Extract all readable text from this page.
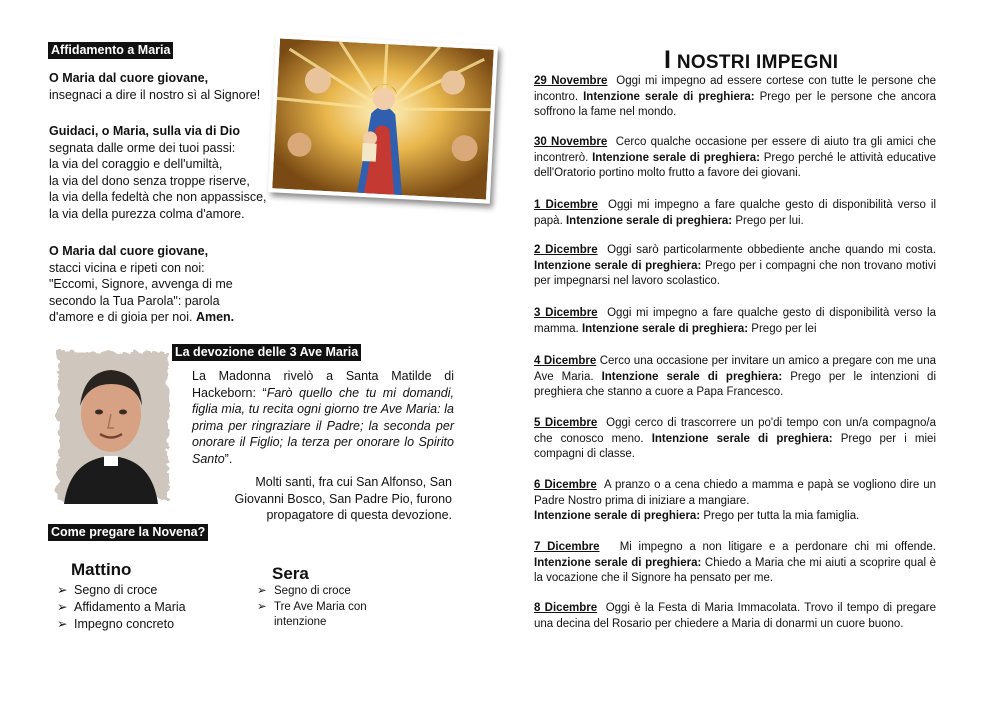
Affidamento a Maria
O Maria dal cuore giovane,
insegnaci a dire il nostro sì al Signore!
Guidaci, o Maria, sulla via di Dio
segnata dalle orme dei tuoi passi:
la via del coraggio e dell'umiltà,
la via del dono senza troppe riserve,
la via della fedeltà che non appassisce,
la via della purezza colma d'amore.
O Maria dal cuore giovane,
stacci vicina e ripeti con noi:
"Eccomi, Signore, avvenga di me
secondo la Tua Parola": parola
d'amore e di gioia per noi. Amen.
La devozione delle 3 Ave Maria
La Madonna rivelò a Santa Matilde di Hackeborn: “Farò quello che tu mi domandi, figlia mia, tu recita ogni giorno tre Ave Maria: la prima per ringraziare il Padre; la seconda per onorare il Figlio; la terza per onorare lo Spirito Santo”.
Molti santi, fra cui San Alfonso, San Giovanni Bosco, San Padre Pio, furono propagatore di questa devozione.
Come pregare la Novena?
Mattino
➢ Segno di croce
➢ Affidamento a Maria
➢ Impegno concreto
Sera
➢ Segno di croce
➢ Tre Ave Maria con intenzione
I NOSTRI IMPEGNI
29 Novembre Oggi mi impegno ad essere cortese con tutte le persone che incontro. Intenzione serale di preghiera: Prego per le persone che ancora soffrono la fame nel mondo.
30 Novembre Cerco qualche occasione per essere di aiuto tra gli amici che incontrerò. Intenzione serale di preghiera: Prego perché le attività educative dell'Oratorio portino molto frutto a favore dei giovani.
1 Dicembre Oggi mi impegno a fare qualche gesto di disponibilità verso il papà. Intenzione serale di preghiera: Prego per lui.
2 Dicembre Oggi sarò particolarmente obbediente anche quando mi costa. Intenzione serale di preghiera: Prego per i compagni che non trovano motivi per impegnarsi nel lavoro scolastico.
3 Dicembre Oggi mi impegno a fare qualche gesto di disponibilità verso la mamma. Intenzione serale di preghiera: Prego per lei
4 Dicembre Cerco una occasione per invitare un amico a pregare con me una Ave Maria. Intenzione serale di preghiera: Prego per le intenzioni di preghiera che stanno a cuore a Papa Francesco.
5 Dicembre Oggi cerco di trascorrere un po'di tempo con un/a compagno/a che conosco meno. Intenzione serale di preghiera: Prego per i miei compagni di classe.
6 Dicembre A pranzo o a cena chiedo a mamma e papà se vogliono dire un Padre Nostro prima di iniziare a mangiare.
Intenzione serale di preghiera: Prego per tutta la mia famiglia.
7 Dicembre Mi impegno a non litigare e a perdonare chi mi offende. Intenzione serale di preghiera: Chiedo a Maria che mi aiuti a scoprire qual è la vocazione che il Signore ha pensato per me.
8 Dicembre Oggi è la Festa di Maria Immacolata. Trovo il tempo di pregare una decina del Rosario per chiedere a Maria di donarmi un cuore buono.
